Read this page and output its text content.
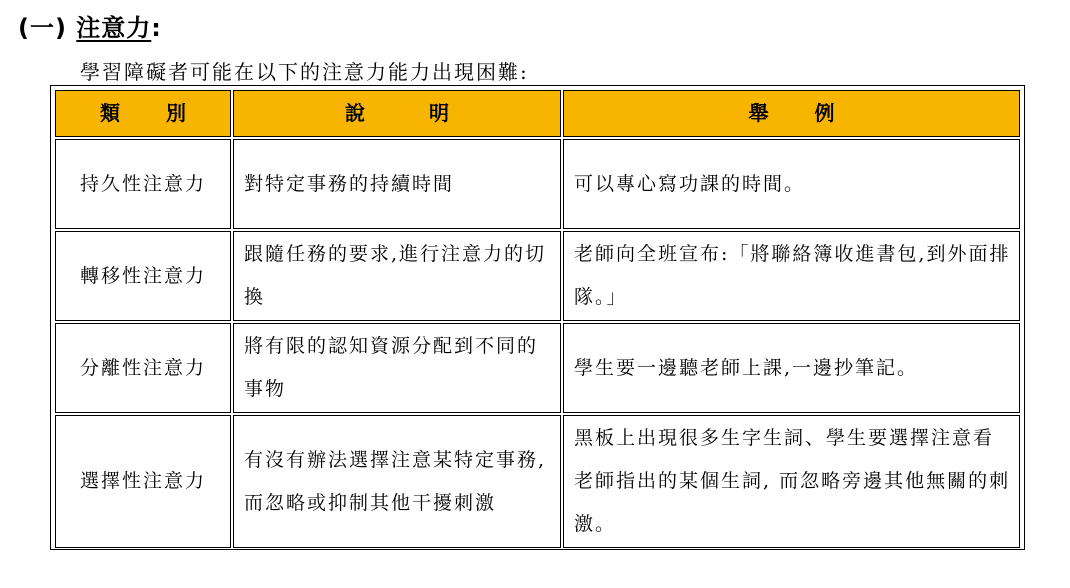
(一) 注意力:
學習障礙者可能在以下的注意力能力出現困難:
類 別	說 明	舉 例

持久性注意力	對特定事務的持續時間	可以專心寫功課的時間。
轉移性注意力	跟隨任務的要求,進行注意力的切換	老師向全班宣布:「將聯絡簿收進書包,到外面排隊。」
分離性注意力	將有限的認知資源分配到不同的事物	學生要一邊聽老師上課,一邊抄筆記。
選擇性注意力	有沒有辦法選擇注意某特定事務,而忽略或抑制其他干擾刺激	黑板上出現很多生字生詞、學生要選擇注意看老師指出的某個生詞, 而忽略旁邊其他無關的刺激。
